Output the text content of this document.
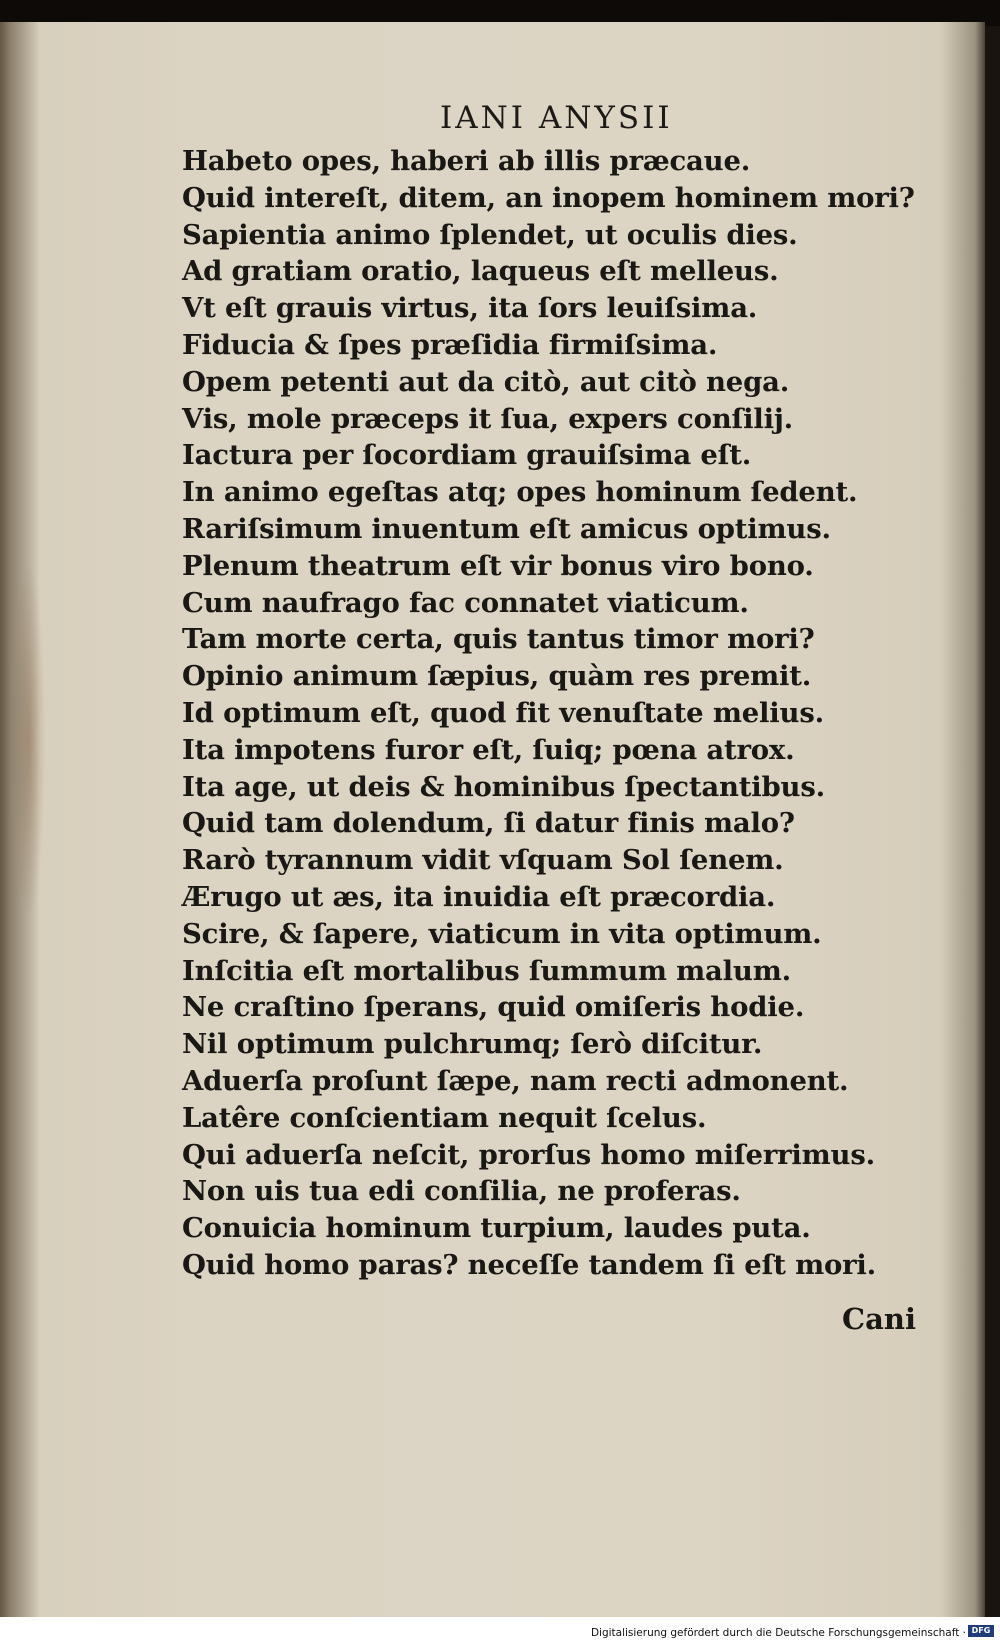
IANI ANYSII
Habeto opes, haberi ab illis præcaue.
Quid intereſt, ditem, an inopem hominem mori?
Sapientia animo ſplendet, ut oculis dies.
Ad gratiam oratio, laqueus eſt melleus.
Vt eſt grauis virtus, ita ſors leuiſsima.
Fiducia & ſpes præſidia firmiſsima.
Opem petenti aut da citò, aut citò nega.
Vis, mole præceps it ſua, expers conſilij.
Iactura per ſocordiam grauiſsima eſt.
In animo egeſtas atq; opes hominum ſedent.
Rariſsimum inuentum eſt amicus optimus.
Plenum theatrum eſt vir bonus viro bono.
Cum naufrago fac connatet viaticum.
Tam morte certa, quis tantus timor mori?
Opinio animum ſæpius, quàm res premit.
Id optimum eſt, quod fit venuſtate melius.
Ita impotens furor eſt, ſuiq; pœna atrox.
Ita age, ut deis & hominibus ſpectantibus.
Quid tam dolendum, ſi datur finis malo?
Rarò tyrannum vidit vſquam Sol ſenem.
Ærugo ut æs, ita inuidia eſt præcordia.
Scire, & ſapere, viaticum in vita optimum.
Inſcitia eſt mortalibus ſummum malum.
Ne craſtino ſperans, quid omiſeris hodie.
Nil optimum pulchrumq; ſerò diſcitur.
Aduerſa proſunt ſæpe, nam recti admonent.
Latêre conſcientiam nequit ſcelus.
Qui aduerſa neſcit, prorſus homo miſerrimus.
Non uis tua edi conſilia, ne proferas.
Conuicia hominum turpium, laudes puta.
Quid homo paras? neceſſe tandem ſi eſt mori.
Cani
Digitalisierung gefördert durch die Deutsche Forschungsgemeinschaft · DFG
